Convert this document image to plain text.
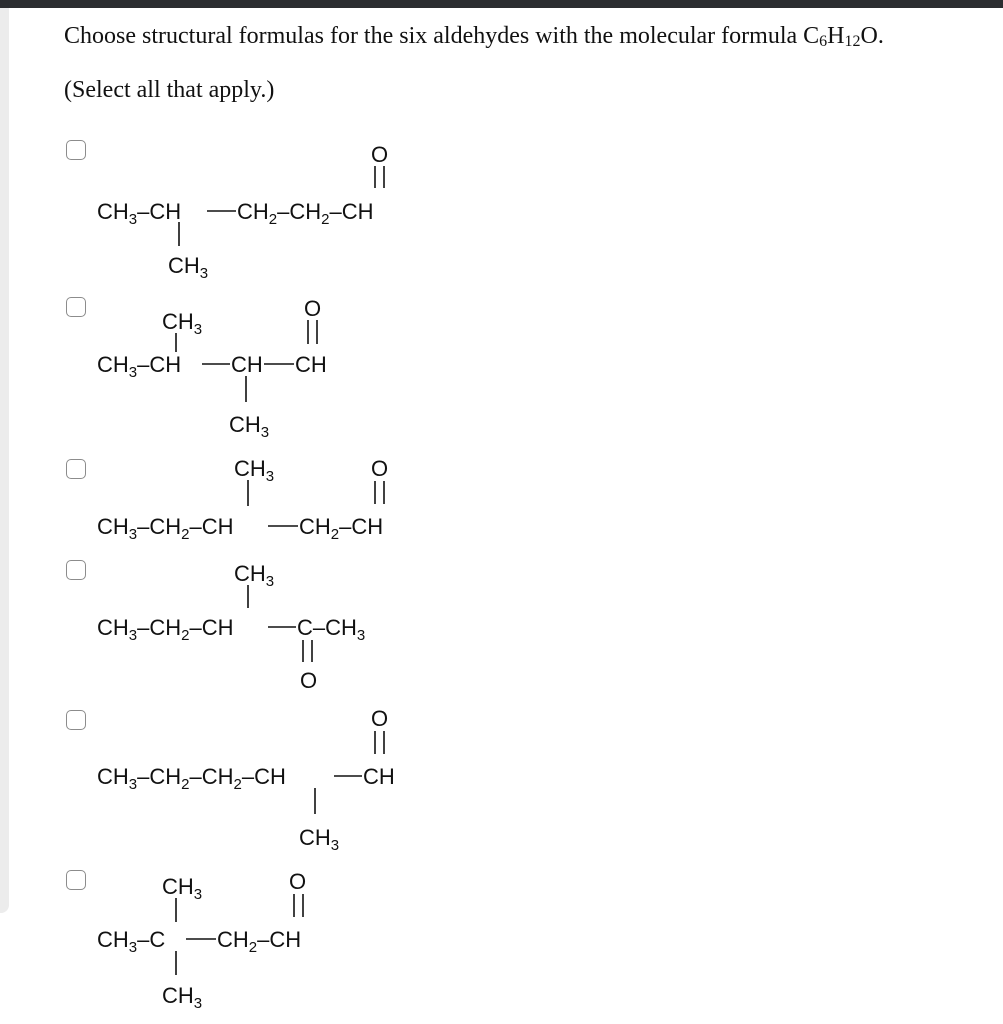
Choose structural formulas for the six aldehydes with the molecular formula $C_6H_{12}O$.
(Select all that apply.)
$CH_3-CH$	$CH_2-CH_2-CH$
$CH_3$
O
$CH_3$
$CH_3-CH$ CH CH
$CH_3$
O
$CH_3$
$CH_3-CH_2-CH$	$CH_2-CH$
O
$CH_3$
$CH_3-CH_2-CH$	$C-CH_3$
O
O
$CH_3-CH_2-CH_2-CH$	CH
$CH_3$
$CH_3$
$CH_3-C$ $CH_2-CH$
$CH_3$
O
